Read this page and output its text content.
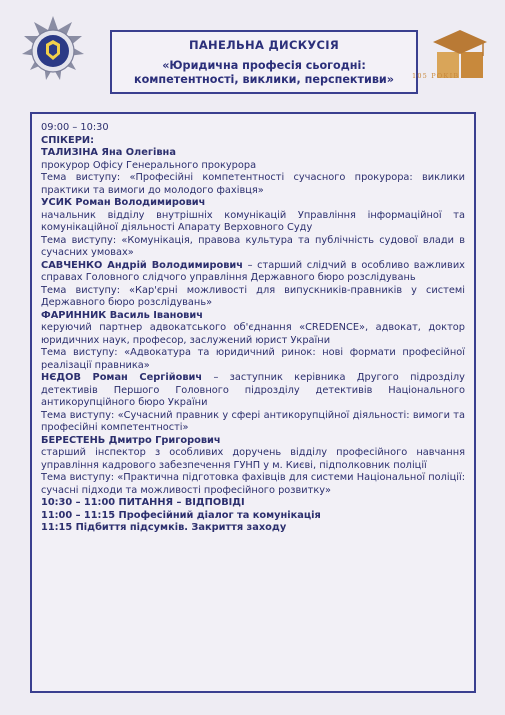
ПАНЕЛЬНА ДИСКУСІЯ
«Юридична професія сьогодні:
компетентності, виклики, перспективи»	105 РОКІВ

09:00 – 10:30

СПІКЕРИ:

ТАЛИЗІНА Яна Олегівна

прокурор Офісу Генерального прокурора

Тема виступу: «Професійні компетентності сучасного прокурора: виклики практики та вимоги до молодого фахівця»

УСИК Роман Володимирович

начальник відділу внутрішніх комунікацій Управління інформаційної та комунікаційної діяльності Апарату Верховного Суду

Тема виступу: «Комунікація, правова культура та публічність судової влади в сучасних умовах»

САВЧЕНКО Андрій Володимирович – старший слідчий в особливо важливих справах Головного слідчого управління Державного бюро розслідувань

Тема виступу: «Кар'єрні можливості для випускників-правників у системі Державного бюро розслідувань»

ФАРИННИК Василь Іванович

керуючий партнер адвокатського об'єднання «CREDENCE», адвокат, доктор юридичних наук, професор, заслужений юрист України

Тема виступу: «Адвокатура та юридичний ринок: нові формати професійної реалізації правника»

НЄДОВ Роман Сергійович – заступник керівника Другого підрозділу детективів Першого Головного підрозділу детективів Національного антикорупційного бюро України

Тема виступу: «Сучасний правник у сфері антикорупційної діяльності: вимоги та професійні компетентності»

БЕРЕСТЕНЬ Дмитро Григорович

старший інспектор з особливих доручень відділу професійного навчання управління кадрового забезпечення ГУНП у м. Києві, підполковник поліції

Тема виступу: «Практична підготовка фахівців для системи Національної поліції: сучасні підходи та можливості професійного розвитку»

10:30 – 11:00 ПИТАННЯ – ВІДПОВІДІ

11:00 – 11:15 Професійний діалог та комунікація

11:15 Підбиття підсумків. Закриття заходу
